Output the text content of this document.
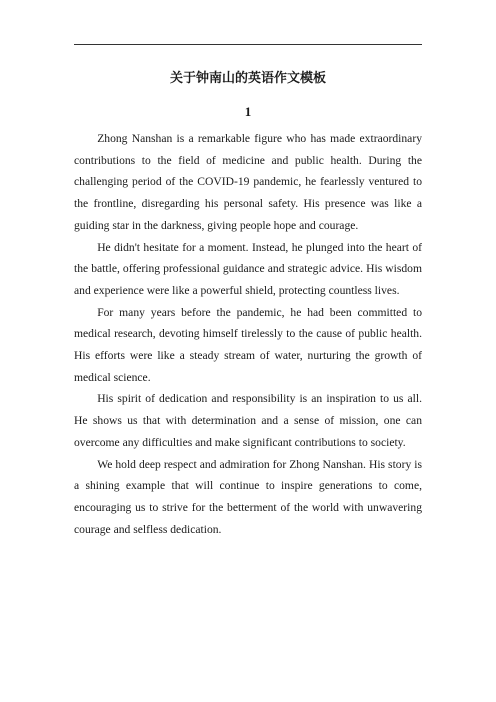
关于钟南山的英语作文模板
1

Zhong Nanshan is a remarkable figure who has made extraordinary contributions to the field of medicine and public health. During the challenging period of the COVID-19 pandemic, he fearlessly ventured to the frontline, disregarding his personal safety. His presence was like a guiding star in the darkness, giving people hope and courage.

He didn't hesitate for a moment. Instead, he plunged into the heart of the battle, offering professional guidance and strategic advice. His wisdom and experience were like a powerful shield, protecting countless lives.

For many years before the pandemic, he had been committed to medical research, devoting himself tirelessly to the cause of public health. His efforts were like a steady stream of water, nurturing the growth of medical science.

His spirit of dedication and responsibility is an inspiration to us all. He shows us that with determination and a sense of mission, one can overcome any difficulties and make significant contributions to society.

We hold deep respect and admiration for Zhong Nanshan. His story is a shining example that will continue to inspire generations to come, encouraging us to strive for the betterment of the world with unwavering courage and selfless dedication.
